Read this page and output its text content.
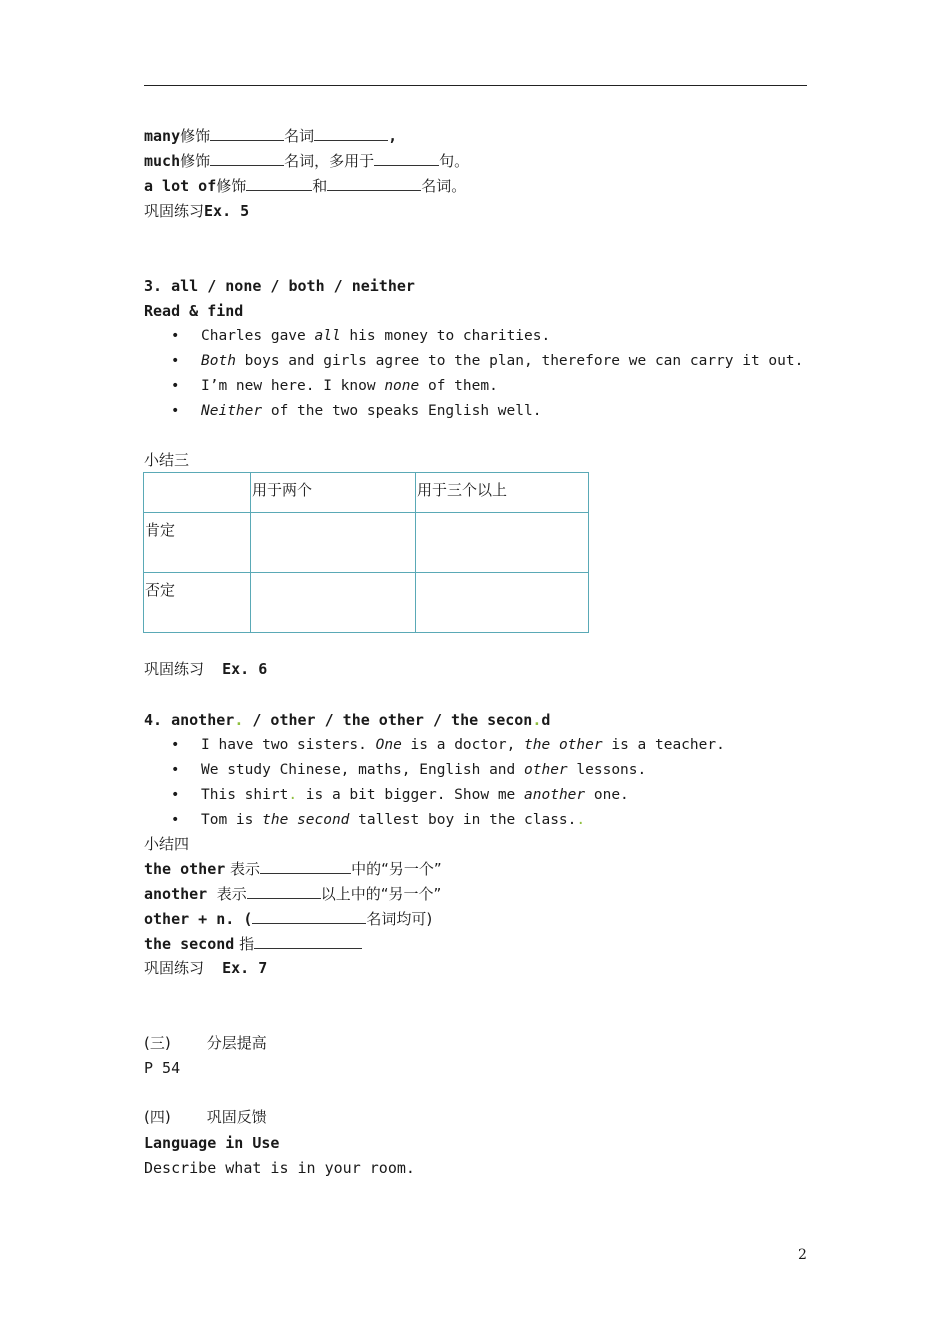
many修饰	名词	,
much修饰	名词，多用于	句。
a lot of修饰	和	名词。
巩固练习Ex. 5
3. all / none / both / neither
Read & find
• Charles gave all his money to charities.
• Both boys and girls agree to the plan, therefore we can carry it out.
• I’m new here. I know none of them.
• Neither of the two speaks English well.
小结三
	用于两个	用于三个以上
肯定		
否定		
巩固练习 Ex. 6
4. another. / other / the other / the secon.d
• I have two sisters. One is a doctor, the other is a teacher.
• We study Chinese, maths, English and other lessons.
• This shirt. is a bit bigger. Show me another one.
• Tom is the second tallest boy in the class..
小结四
the other 表示	中的“另一个”
another  表示	以上中的“另一个”
other + n. (	名词均可)
the second 指
巩固练习 Ex. 7
(三) 分层提高
P 54
(四) 巩固反馈
Language in Use
Describe what is in your room.
2
